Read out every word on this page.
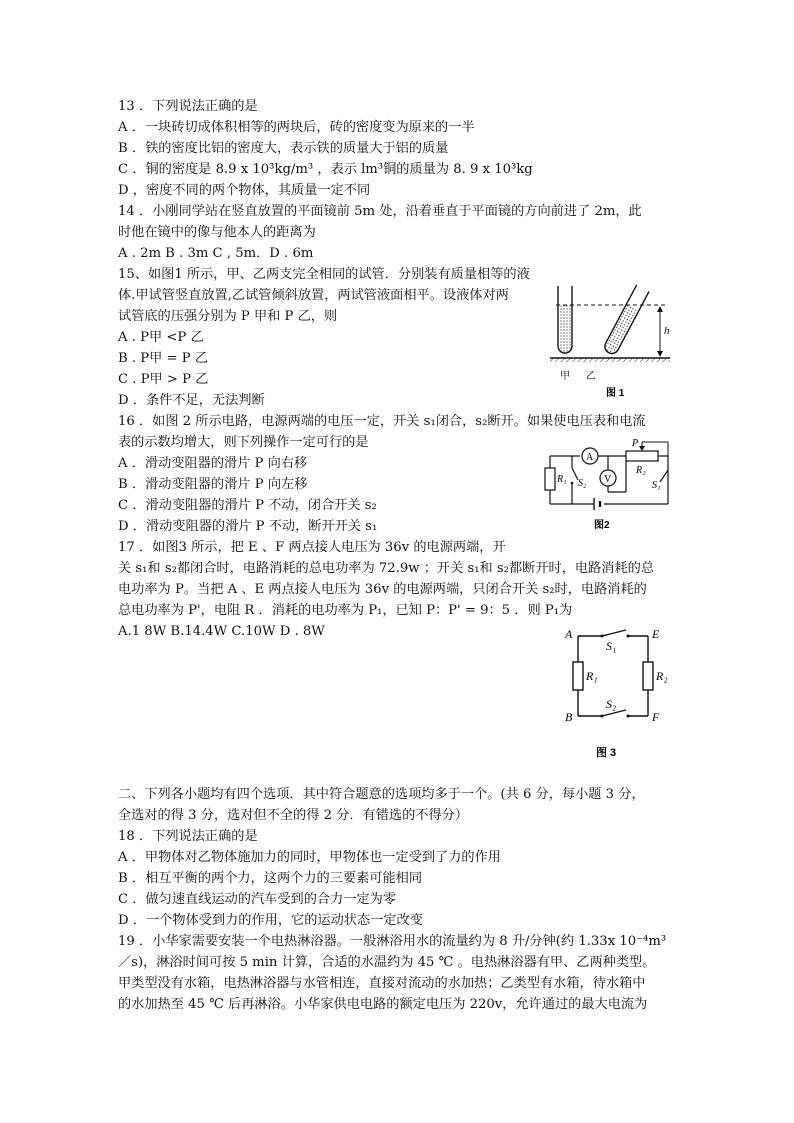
13 ．下列说法正确的是
A ．一块砖切成体积相等的两块后，砖的密度变为原来的一半
B ．铁的密度比铝的密度大，表示铁的质量大于铝的质量
C ．铜的密度是 8.9 x 10³kg/m³ ，表示 lm³铜的质量为 8. 9 x 10³kg
D ，密度不同的两个物体，其质量一定不同
14 ．小刚同学站在竖直放置的平面镜前 5m 处，沿着垂直于平面镜的方向前进了 2m，此
时他在镜中的像与他本人的距离为
A . 2m B . 3m C , 5m．D . 6m
15、如图1 所示，甲、乙两支完全相同的试管．分别装有质量相等的液
体.甲试管竖直放置,乙试管倾斜放置，两试管液面相平。设液体对两
试管底的压强分别为 P 甲和 P 乙，则
A . P甲 <P 乙
B . P甲 = P 乙
C . P甲 > P 乙
D ．条件不足，无法判断
h
甲 乙
图 1
16 ．如图 2 所示电路，电源两端的电压一定，开关 s₁闭合，s₂断开。如果使电压表和电流
表的示数均增大，则下列操作一定可行的是
A ．滑动变阻器的滑片 P 向右移
B ．滑动变阻器的滑片 P 向左移
C ．滑动变阻器的滑片 P 不动，闭合开关 s₂
D ．滑动变阻器的滑片 P 不动，断开开关 s₁
R₁
A
P
R₂
S₂ V
S₁
图2
17 ．如图3 所示，把 E 、F 两点接人电压为 36v 的电源两端，开
关 s₁和 s₂都闭合时，电路消耗的总电功率为 72.9w ；开关 s₁和 s₂都断开时，电路消耗的总
电功率为 P。当把 A 、E 两点接人电压为 36v 的电源两端，只闭合开关 s₂时，电路消耗的
总电功率为 P'，电阻 R ．消耗的电功率为 P₁，已知 P：P' = 9：5 ．则 P₁为
A.1 8W B.14.4W C.10W D . 8W
S₁
S₂
R₁	R₂
A	E
B	F
图 3
二、下列各小题均有四个选项．其中符合题意的选项均多于一个。(共 6 分，每小题 3 分，
全选对的得 3 分，选对但不全的得 2 分．有错选的不得分）
18 ．下列说法正确的是
A ．甲物体对乙物体施加力的同时，甲物体也一定受到了力的作用
B ．相互平衡的两个力，这两个力的三要素可能相同
C ．做匀速直线运动的汽车受到的合力一定为零
D ．一个物体受到力的作用，它的运动状态一定改变
19 ．小华家需要安装一个电热淋浴器。一般淋浴用水的流量约为 8 升/分钟(约 1.33x 10⁻⁴m³
／s)，淋浴时间可按 5 min 计算，合适的水温约为 45 ℃ 。电热淋浴器有甲、乙两种类型。
甲类型没有水箱，电热淋浴器与水管相连，直接对流动的水加热；乙类型有水箱，待水箱中
的水加热至 45 ℃ 后再淋浴。小华家供电电路的额定电压为 220v，允许通过的最大电流为
